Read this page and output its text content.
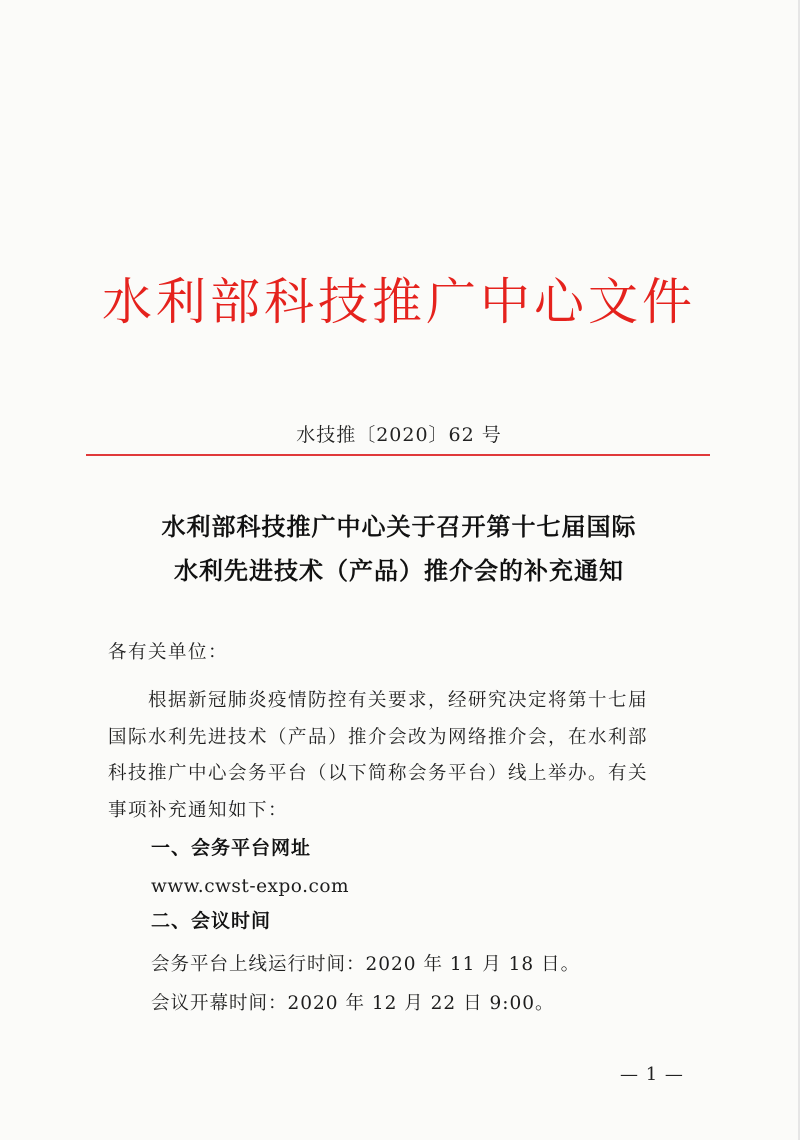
水利部科技推广中心文件
水技推〔2020〕62 号
水利部科技推广中心关于召开第十七届国际
水利先进技术（产品）推介会的补充通知
各有关单位：
根据新冠肺炎疫情防控有关要求，经研究决定将第十七届
国际水利先进技术（产品）推介会改为网络推介会，在水利部
科技推广中心会务平台（以下简称会务平台）线上举办。有关
事项补充通知如下：
一、会务平台网址
www.cwst-expo.com
二、会议时间
会务平台上线运行时间：2020 年 11 月 18 日。
会议开幕时间：2020 年 12 月 22 日 9:00。
— 1 —
